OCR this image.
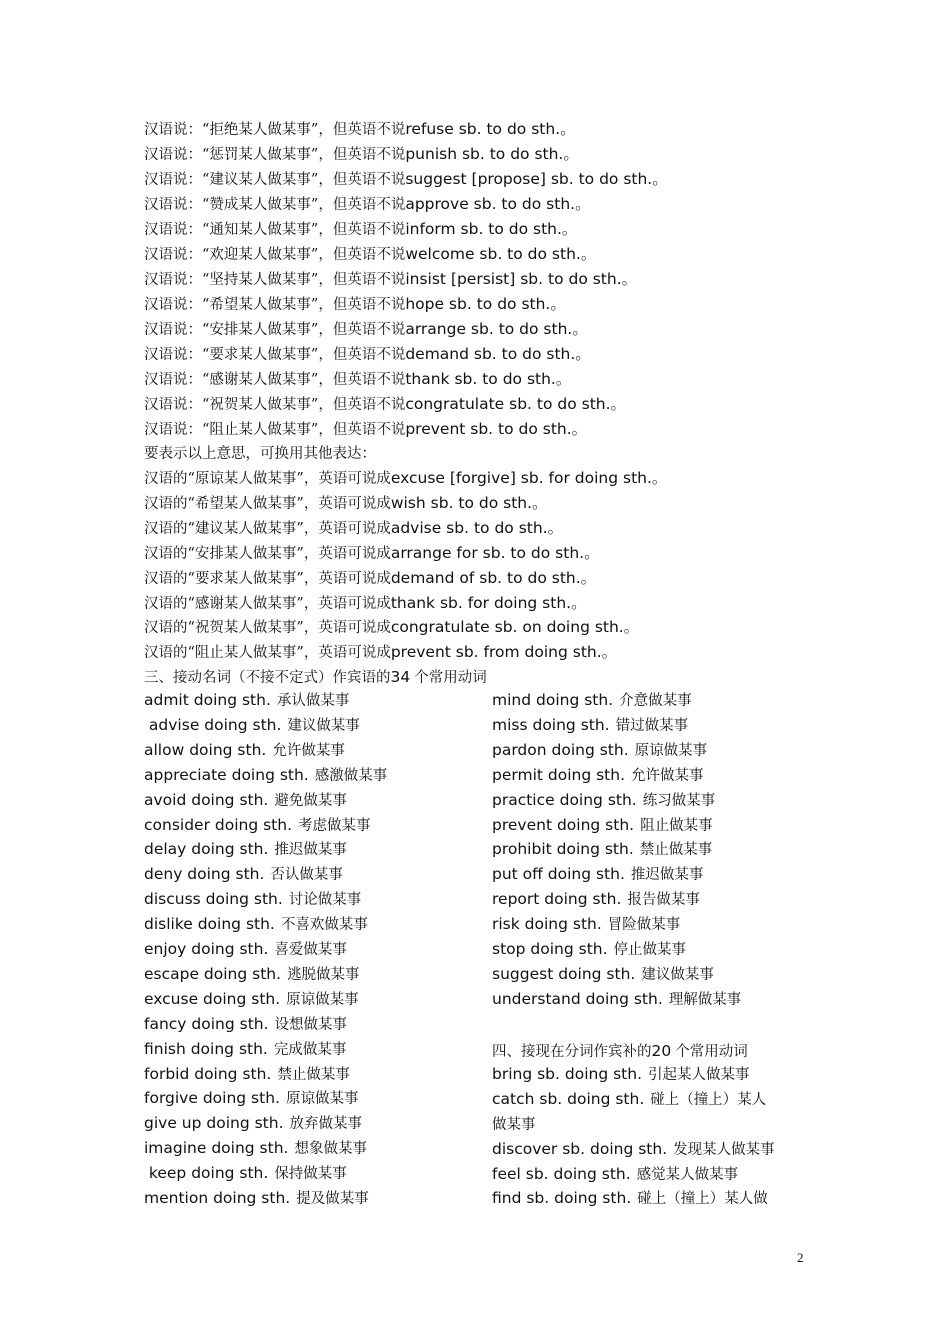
汉语说：“拒绝某人做某事”，但英语不说refuse sb. to do sth.。
汉语说：“惩罚某人做某事”，但英语不说punish sb. to do sth.。
汉语说：“建议某人做某事”，但英语不说suggest [propose] sb. to do sth.。
汉语说：“赞成某人做某事”，但英语不说approve sb. to do sth.。
汉语说：“通知某人做某事”，但英语不说inform sb. to do sth.。
汉语说：“欢迎某人做某事”，但英语不说welcome sb. to do sth.。
汉语说：“坚持某人做某事”，但英语不说insist [persist] sb. to do sth.。
汉语说：“希望某人做某事”，但英语不说hope sb. to do sth.。
汉语说：“安排某人做某事”，但英语不说arrange sb. to do sth.。
汉语说：“要求某人做某事”，但英语不说demand sb. to do sth.。
汉语说：“感谢某人做某事”，但英语不说thank sb. to do sth.。
汉语说：“祝贺某人做某事”，但英语不说congratulate sb. to do sth.。
汉语说：“阻止某人做某事”，但英语不说prevent sb. to do sth.。
要表示以上意思，可换用其他表达：
汉语的“原谅某人做某事”，英语可说成excuse [forgive] sb. for doing sth.。
汉语的“希望某人做某事”，英语可说成wish sb. to do sth.。
汉语的“建议某人做某事”，英语可说成advise sb. to do sth.。
汉语的“安排某人做某事”，英语可说成arrange for sb. to do sth.。
汉语的“要求某人做某事”，英语可说成demand of sb. to do sth.。
汉语的“感谢某人做某事”，英语可说成thank sb. for doing sth.。
汉语的“祝贺某人做某事”，英语可说成congratulate sb. on doing sth.。
汉语的“阻止某人做某事”，英语可说成prevent sb. from doing sth.。
三、接动名词（不接不定式）作宾语的34 个常用动词
admit doing sth. 承认做某事
advise doing sth. 建议做某事
allow doing sth. 允许做某事
appreciate doing sth. 感激做某事
avoid doing sth. 避免做某事
consider doing sth. 考虑做某事
delay doing sth. 推迟做某事
deny doing sth. 否认做某事
discuss doing sth. 讨论做某事
dislike doing sth. 不喜欢做某事
enjoy doing sth. 喜爱做某事
escape doing sth. 逃脱做某事
excuse doing sth. 原谅做某事
fancy doing sth. 设想做某事
finish doing sth. 完成做某事
forbid doing sth. 禁止做某事
forgive doing sth. 原谅做某事
give up doing sth. 放弃做某事
imagine doing sth. 想象做某事
keep doing sth. 保持做某事
mention doing sth. 提及做某事
mind doing sth. 介意做某事
miss doing sth. 错过做某事
pardon doing sth. 原谅做某事
permit doing sth. 允许做某事
practice doing sth. 练习做某事
prevent doing sth. 阻止做某事
prohibit doing sth. 禁止做某事
put off doing sth. 推迟做某事
report doing sth. 报告做某事
risk doing sth. 冒险做某事
stop doing sth. 停止做某事
suggest doing sth. 建议做某事
understand doing sth. 理解做某事
四、接现在分词作宾补的20 个常用动词
bring sb. doing sth. 引起某人做某事
catch sb. doing sth. 碰上（撞上）某人
做某事
discover sb. doing sth. 发现某人做某事
feel sb. doing sth. 感觉某人做某事
find sb. doing sth. 碰上（撞上）某人做
2
